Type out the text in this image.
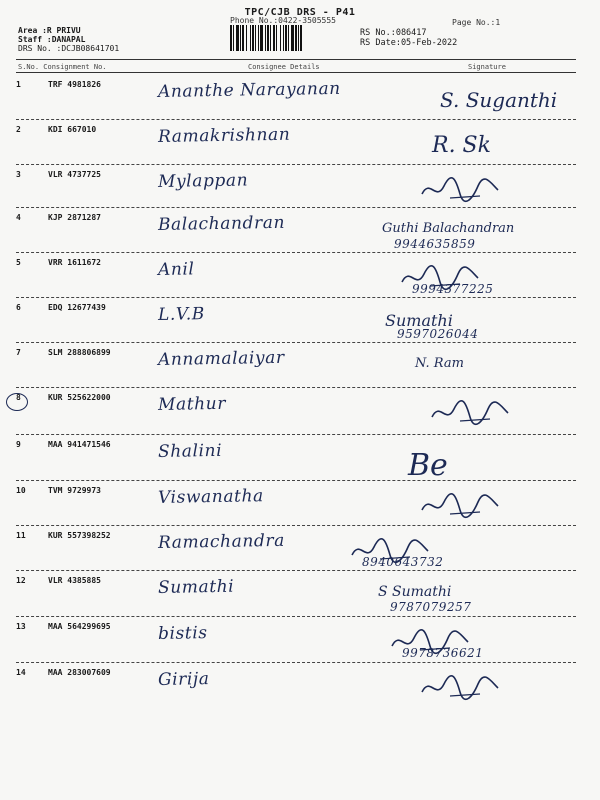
TPC/CJB DRS - P41
Phone No.:0422-3505555	Page No.:1
Area :R PRIVU
Staff :DANAPAL
DRS No. :DCJB08641701
RS No.:086417
RS Date:05-Feb-2022
S.No. Consignment No.	Consignee Details	Signature
1	TRF 4981826	Ananthe Narayanan	S. Suganthi
2	KDI 667010	Ramakrishnan	R. Sk
3	VLR 4737725	Mylappan
4	KJP 2871287	Balachandran	Guthi Balachandran
9944635859
5	VRR 1611672	Anil
9994377225
6	EDQ 12677439	L.V.B	Sumathi
9597026044
7	SLM 288806899	Annamalaiyar	N. Ram
8	KUR 525622000	Mathur
9	MAA 941471546	Shalini	Be
10	TVM 9729973	Viswanatha
11	KUR 557398252	Ramachandra
8940643732
12	VLR 4385885	Sumathi	S Sumathi
9787079257
13	MAA 564299695	bistis
9978736621
14	MAA 283007609	Girija
